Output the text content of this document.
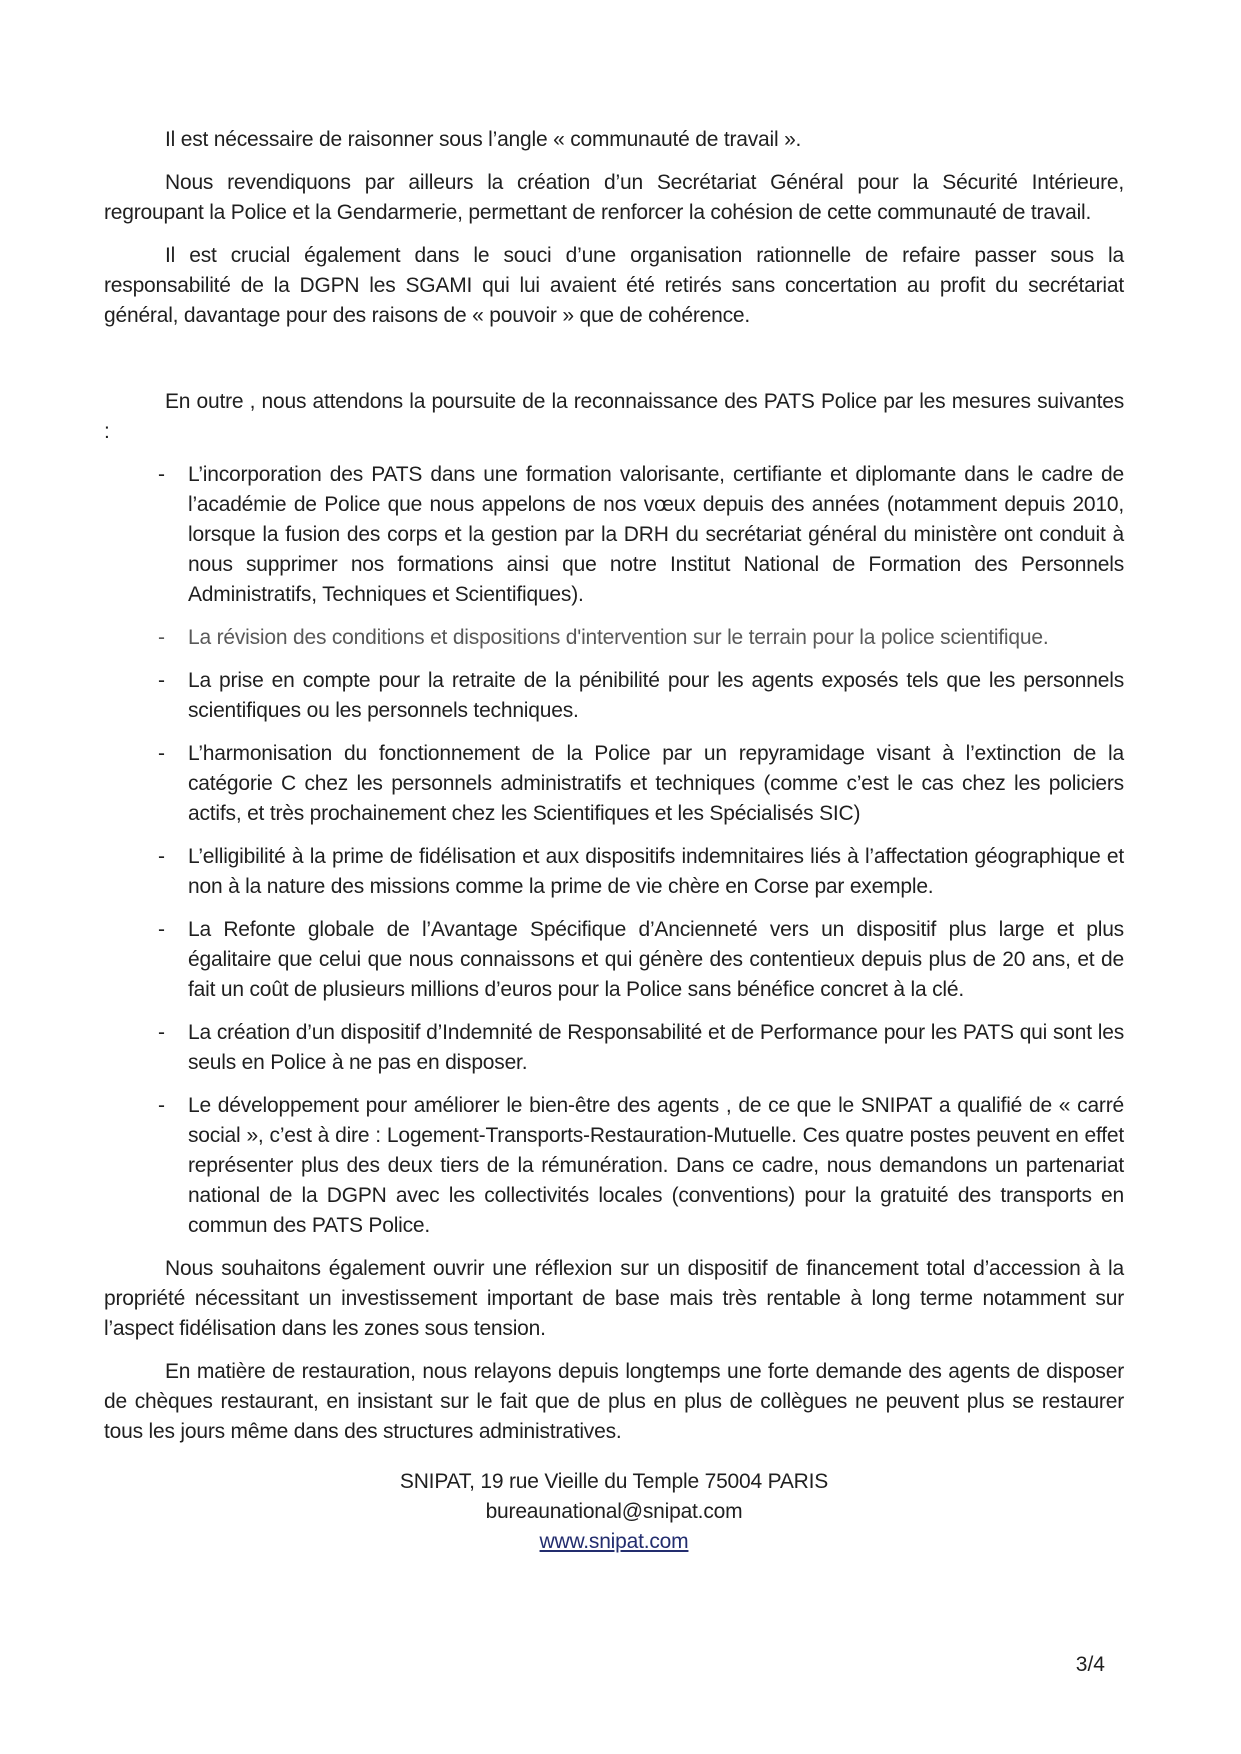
Il est nécessaire de raisonner sous l’angle « communauté de travail ».

Nous revendiquons par ailleurs la création d’un Secrétariat Général pour la Sécurité Intérieure, regroupant la Police et la Gendarmerie, permettant de renforcer la cohésion de cette communauté de travail.

Il est crucial également dans le souci d’une organisation rationnelle de refaire passer sous la responsabilité de la DGPN les SGAMI qui lui avaient été retirés sans concertation au profit du secrétariat général, davantage pour des raisons de « pouvoir » que de cohérence.

En outre , nous attendons la poursuite de la reconnaissance des PATS Police par les mesures suivantes :

- L’incorporation des PATS dans une formation valorisante, certifiante et diplomante dans le cadre de l’académie de Police que nous appelons de nos vœux depuis des années (notamment depuis 2010, lorsque la fusion des corps et la gestion par la DRH du secrétariat général du ministère ont conduit à nous supprimer nos formations ainsi que notre Institut National de Formation des Personnels Administratifs, Techniques et Scientifiques).
- La révision des conditions et dispositions d'intervention sur le terrain pour la police scientifique.
- La prise en compte pour la retraite de la pénibilité pour les agents exposés tels que les personnels scientifiques ou les personnels techniques.
- L’harmonisation du fonctionnement de la Police par un repyramidage visant à l’extinction de la catégorie C chez les personnels administratifs et techniques (comme c’est le cas chez les policiers actifs, et très prochainement chez les Scientifiques et les Spécialisés SIC)
- L’elligibilité à la prime de fidélisation et aux dispositifs indemnitaires liés à l’affectation géographique et non à la nature des missions comme la prime de vie chère en Corse par exemple.
- La Refonte globale de l’Avantage Spécifique d’Ancienneté vers un dispositif plus large et plus égalitaire que celui que nous connaissons et qui génère des contentieux depuis plus de 20 ans, et de fait un coût de plusieurs millions d’euros pour la Police sans bénéfice concret à la clé.
- La création d’un dispositif d’Indemnité de Responsabilité et de Performance pour les PATS qui sont les seuls en Police à ne pas en disposer.
- Le développement pour améliorer le bien-être des agents , de ce que le SNIPAT a qualifié de « carré social », c’est à dire : Logement-Transports-Restauration-Mutuelle. Ces quatre postes peuvent en effet représenter plus des deux tiers de la rémunération. Dans ce cadre, nous demandons un partenariat national de la DGPN avec les collectivités locales (conventions) pour la gratuité des transports en commun des PATS Police.

Nous souhaitons également ouvrir une réflexion sur un dispositif de financement total d’accession à la propriété nécessitant un investissement important de base mais très rentable à long terme notamment sur l’aspect fidélisation dans les zones sous tension.

En matière de restauration, nous relayons depuis longtemps une forte demande des agents de disposer de chèques restaurant, en insistant sur le fait que de plus en plus de collègues ne peuvent plus se restaurer tous les jours même dans des structures administratives.

SNIPAT, 19 rue Vieille du Temple 75004 PARIS
bureaunational@snipat.com
www.snipat.com
3/4
